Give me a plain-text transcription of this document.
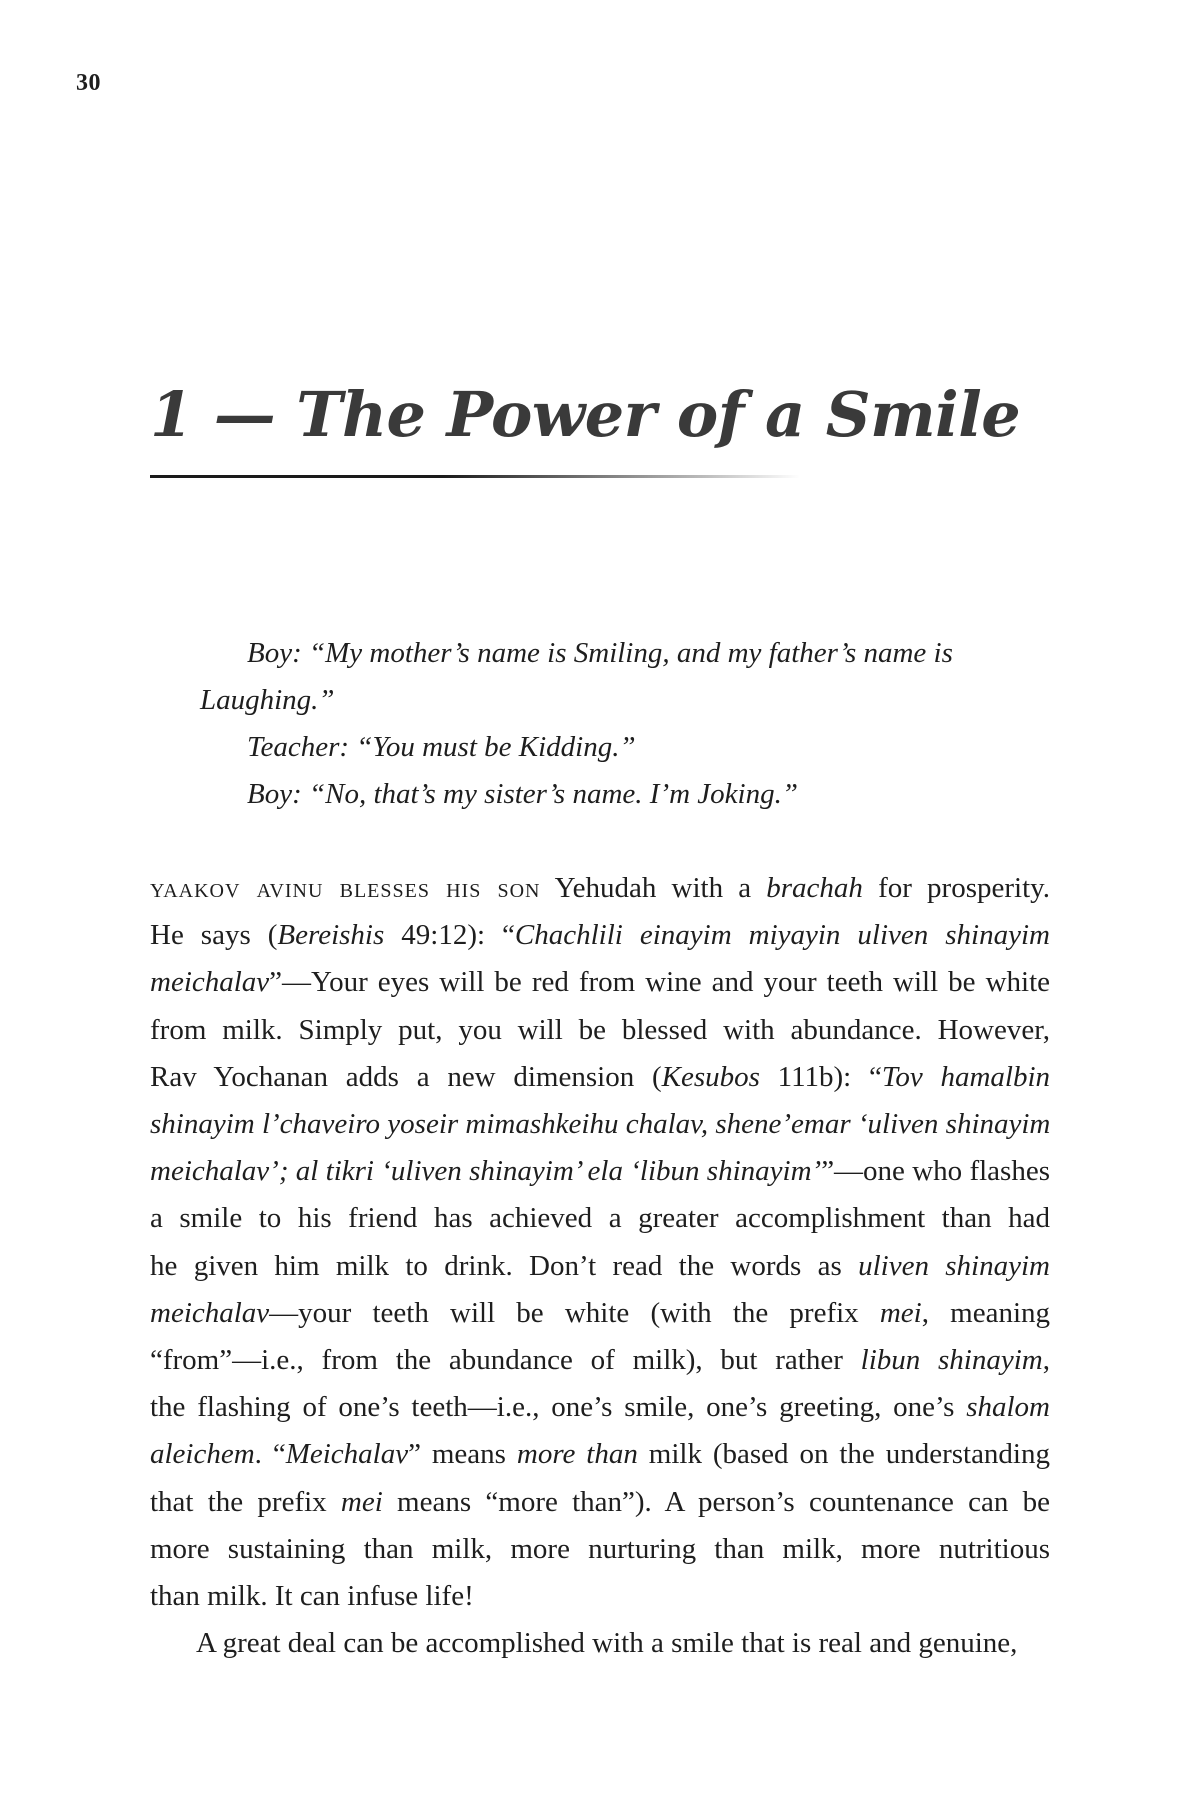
30
1 — The Power of a Smile
Boy: “My mother’s name is Smiling, and my father’s name is
Laughing.”
Teacher: “You must be Kidding.”
Boy: “No, that’s my sister’s name. I’m Joking.”
yaakov avinu blesses his son Yehudah with a brachah for prosperity.
He says (Bereishis 49:12): “Chachlili einayim miyayin uliven shinayim
meichalav”—Your eyes will be red from wine and your teeth will be white
from milk. Simply put, you will be blessed with abundance. However,
Rav Yochanan adds a new dimension (Kesubos 111b): “Tov hamalbin
shinayim l’chaveiro yoseir mimashkeihu chalav, shene’emar ‘uliven shinayim
meichalav’; al tikri ‘uliven shinayim’ ela ‘libun shinayim’”—one who flashes
a smile to his friend has achieved a greater accomplishment than had
he given him milk to drink. Don’t read the words as uliven shinayim
meichalav—your teeth will be white (with the prefix mei, meaning
“from”—i.e., from the abundance of milk), but rather libun shinayim,
the flashing of one’s teeth—i.e., one’s smile, one’s greeting, one’s shalom
aleichem. “Meichalav” means more than milk (based on the understanding
that the prefix mei means “more than”). A person’s countenance can be
more sustaining than milk, more nurturing than milk, more nutritious
than milk. It can infuse life!
A great deal can be accomplished with a smile that is real and genuine,
